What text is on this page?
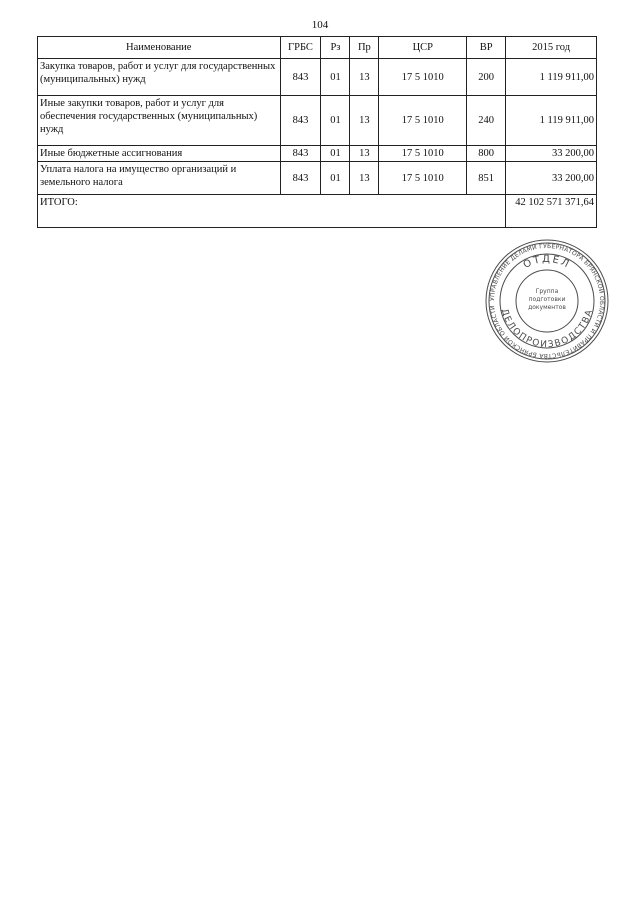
104
Наименование	ГРБС	Рз	Пр	ЦСР	ВР	2015 год
Закупка товаров, работ и услуг для государственных (муниципальных) нужд	843	01	13	17 5 1010	200	1 119 911,00
Иные закупки товаров, работ и услуг для обеспечения государственных (муниципальных) нужд	843	01	13	17 5 1010	240	1 119 911,00
Иные бюджетные ассигнования	843	01	13	17 5 1010	800	33 200,00
Уплата налога на имущество организаций и земельного налога	843	01	13	17 5 1010	851	33 200,00
ИТОГО:						42 102 571 371,64
УПРАВЛЕНИЕ ДЕЛАМИ ГУБЕРНАТОРА БРЯНСКОЙ ОБЛАСТИ И ПРАВИТЕЛЬСТВА БРЯНСКОЙ ОБЛАСТИ
ОТДЕЛ
ДЕЛОПРОИЗВОДСТВА
Группа
подготовки
документов
